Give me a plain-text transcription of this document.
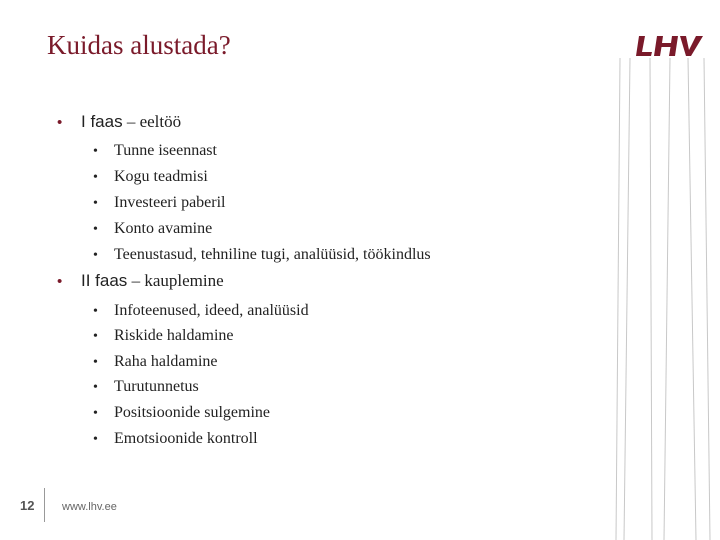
Kuidas alustada?
• I faas – eeltöö
• Tunne iseennast
• Kogu teadmisi
• Investeeri paberil
• Konto avamine
• Teenustasud, tehniline tugi, analüüsid, töökindlus
• II faas – kauplemine
• Infoteenused, ideed, analüüsid
• Riskide haldamine
• Raha haldamine
• Turutunnetus
• Positsioonide sulgemine
• Emotsioonide kontroll
12	www.lhv.ee
